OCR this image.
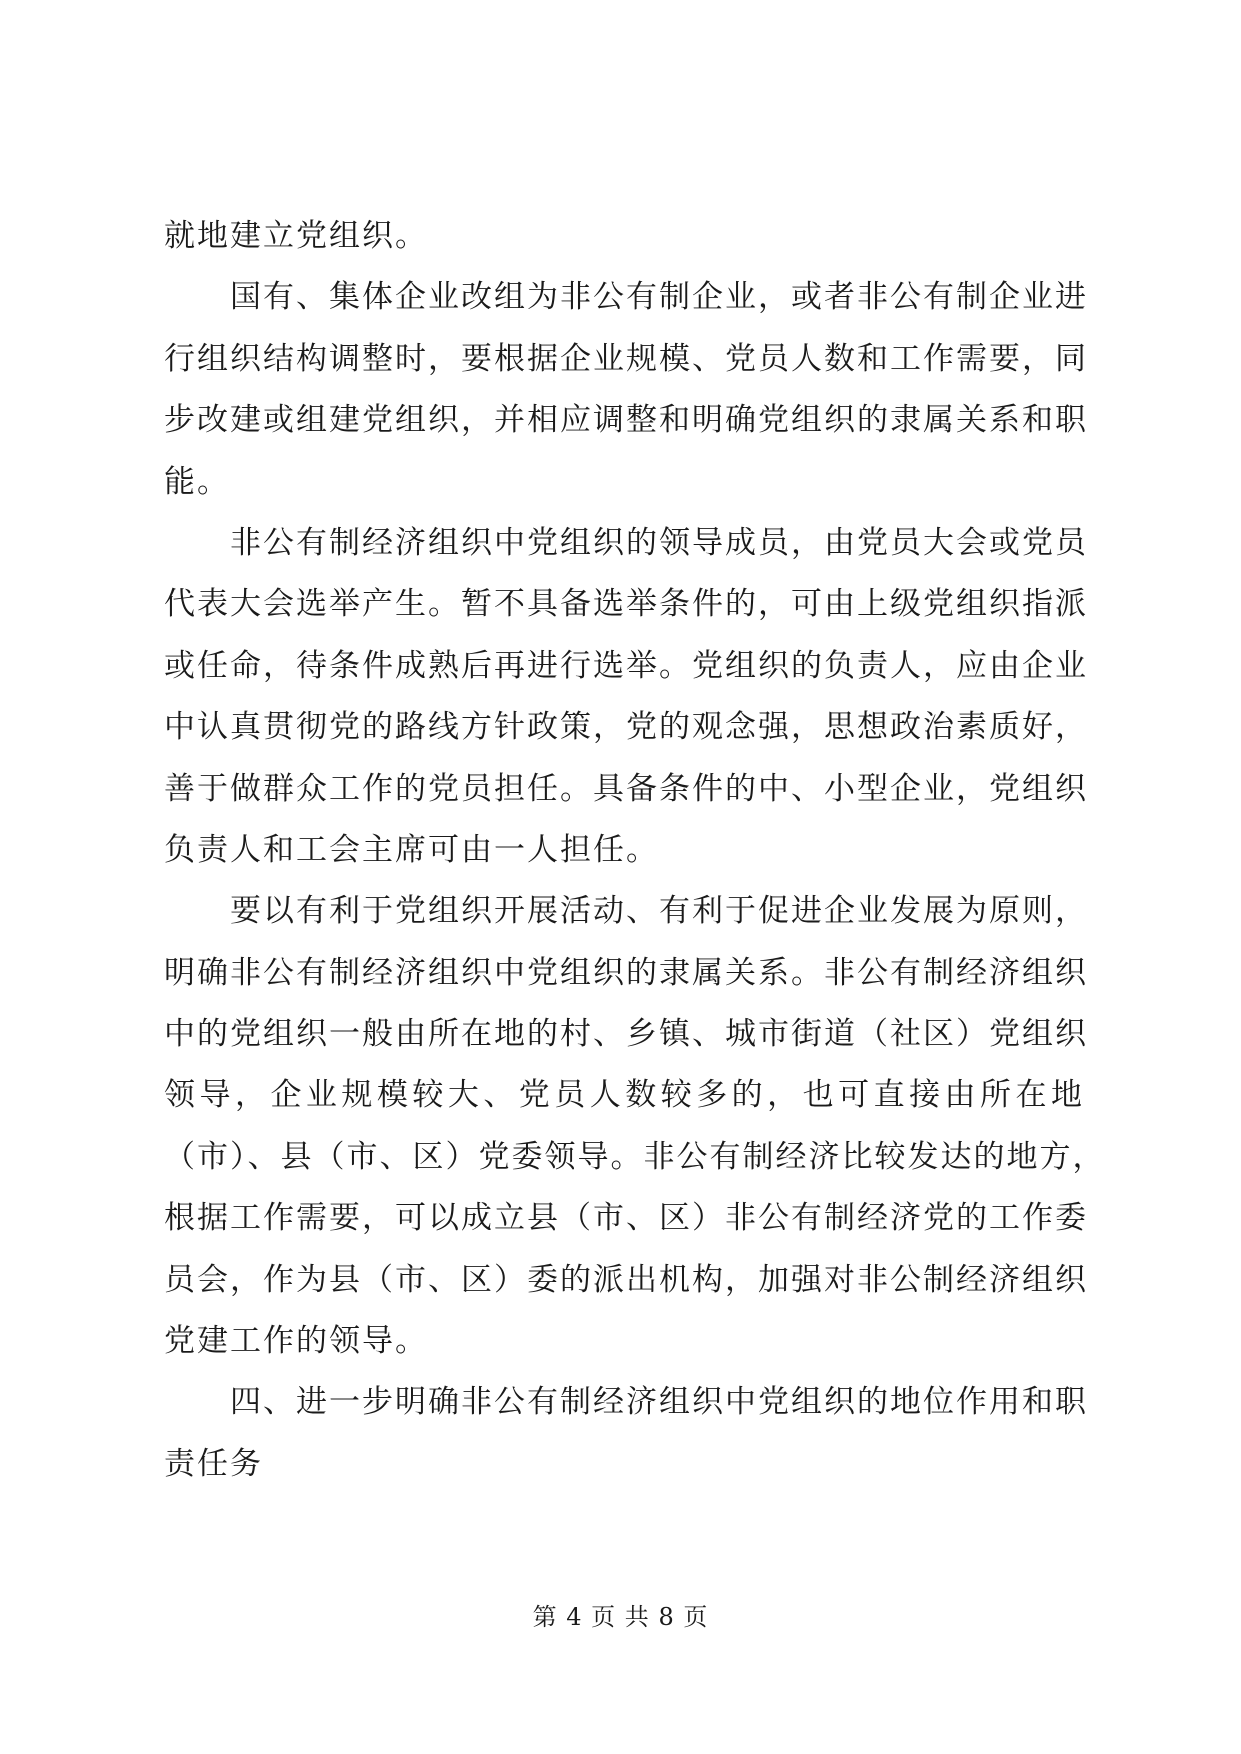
就地建立党组织。
国有、集体企业改组为非公有制企业，或者非公有制企业进
行组织结构调整时，要根据企业规模、党员人数和工作需要，同
步改建或组建党组织，并相应调整和明确党组织的隶属关系和职
能。
非公有制经济组织中党组织的领导成员，由党员大会或党员
代表大会选举产生。暂不具备选举条件的，可由上级党组织指派
或任命，待条件成熟后再进行选举。党组织的负责人，应由企业
中认真贯彻党的路线方针政策，党的观念强，思想政治素质好，
善于做群众工作的党员担任。具备条件的中、小型企业，党组织
负责人和工会主席可由一人担任。
要以有利于党组织开展活动、有利于促进企业发展为原则，
明确非公有制经济组织中党组织的隶属关系。非公有制经济组织
中的党组织一般由所在地的村、乡镇、城市街道（社区）党组织
领导，企业规模较大、党员人数较多的，也可直接由所在地
（市）、县（市、区）党委领导。非公有制经济比较发达的地方，
根据工作需要，可以成立县（市、区）非公有制经济党的工作委
员会，作为县（市、区）委的派出机构，加强对非公制经济组织
党建工作的领导。
四、进一步明确非公有制经济组织中党组织的地位作用和职
责任务
第 4 页 共 8 页
